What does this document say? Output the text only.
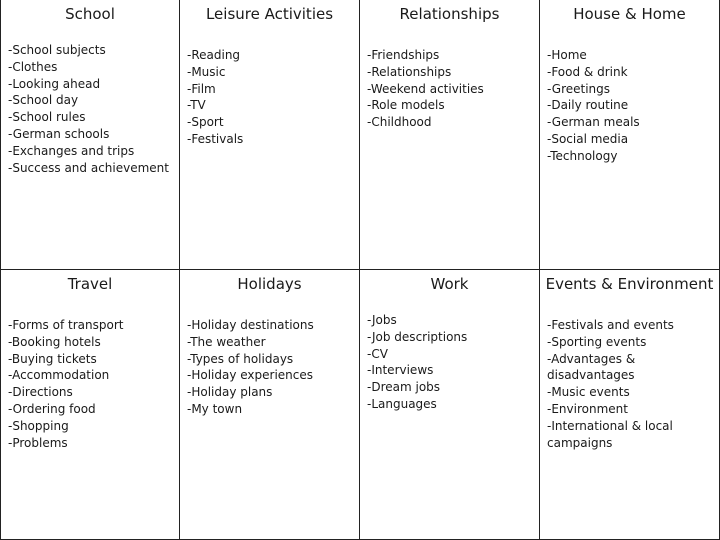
School
-School subjects
-Clothes
-Looking ahead
-School day
-School rules
-German schools
-Exchanges and trips
-Success and achievement
Leisure Activities
-Reading
-Music
-Film
-TV
-Sport
-Festivals
Relationships
-Friendships
-Relationships
-Weekend activities
-Role models
-Childhood
House & Home
-Home
-Food & drink
-Greetings
-Daily routine
-German meals
-Social media
-Technology
Travel
-Forms of transport
-Booking hotels
-Buying tickets
-Accommodation
-Directions
-Ordering food
-Shopping
-Problems
Holidays
-Holiday destinations
-The weather
-Types of holidays
-Holiday experiences
-Holiday plans
-My town
Work
-Jobs
-Job descriptions
-CV
-Interviews
-Dream jobs
-Languages
Events & Environment
-Festivals and events
-Sporting events
-Advantages &
disadvantages
-Music events
-Environment
-International & local
campaigns
